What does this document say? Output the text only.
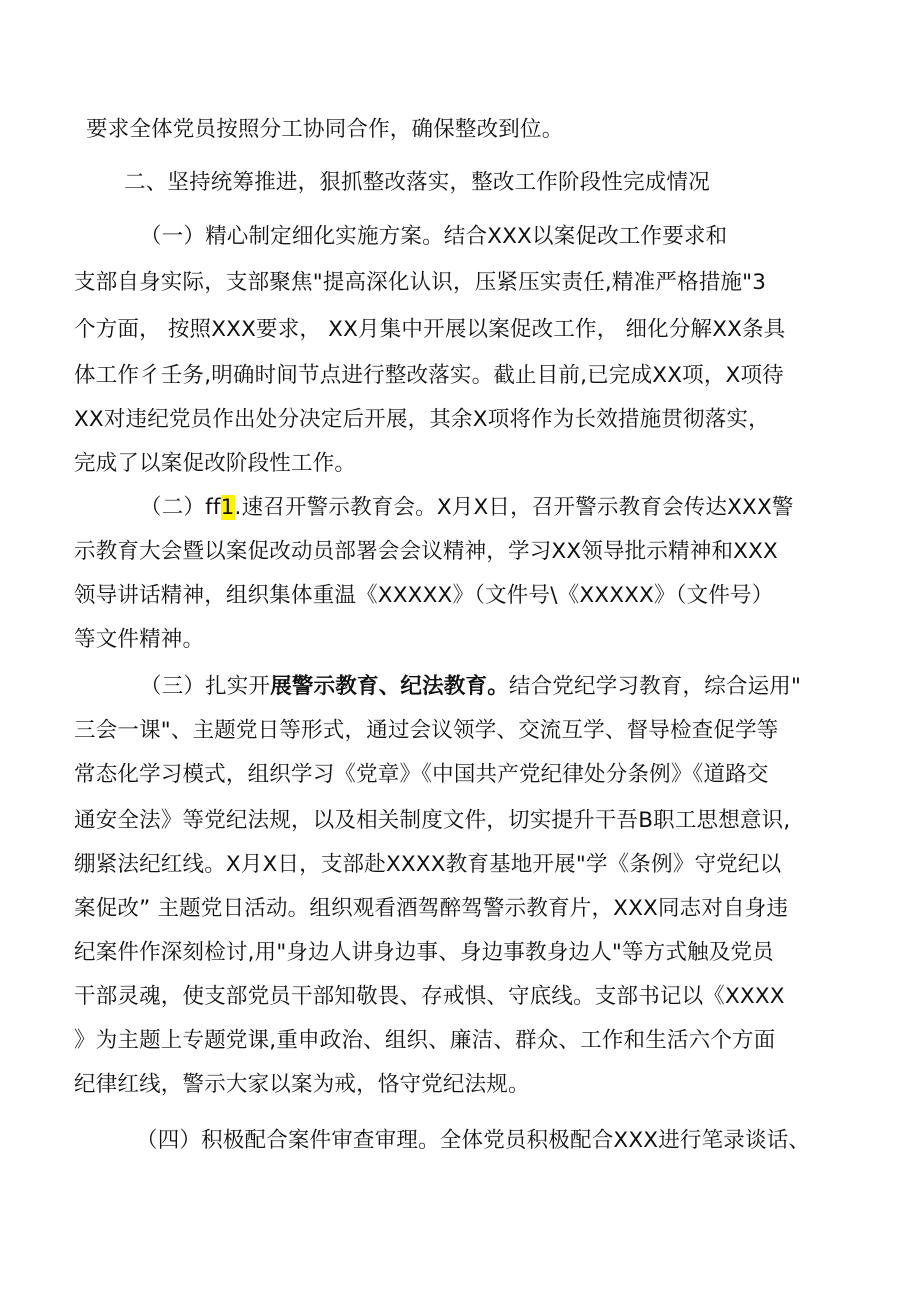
要求全体党员按照分工协同合作，确保整改到位。
二、坚持统筹推进，狠抓整改落实，整改工作阶段性完成情况
（一）精心制定细化实施方案。结合XXX以案促改工作要求和
支部自身实际，支部聚焦"提高深化认识，压紧压实责任,精准严格措施"3
个方面， 按照XXX要求， XX月集中开展以案促改工作， 细化分解XX条具
体工作彳壬务,明确时间节点进行整改落实。截止目前,已完成XX项，X项待
XX对违纪党员作出处分决定后开展，其余X项将作为长效措施贯彻落实，
完成了以案促改阶段性工作。
（二）ff1.速召开警示教育会。X月X日，召开警示教育会传达XXX警
示教育大会暨以案促改动员部署会会议精神，学习XX领导批示精神和XXX
领导讲话精神，组织集体重温《XXXXX》（文件号\《XXXXX》（文件号）
等文件精神。
（三）扎实开展警示教育、纪法教育。结合党纪学习教育，综合运用"
三会一课"、主题党日等形式，通过会议领学、交流互学、督导检查促学等
常态化学习模式，组织学习《党章》《中国共产党纪律处分条例》《道路交
通安全法》等党纪法规，以及相关制度文件，切实提升干吾B职工思想意识,
绷紧法纪红线。X月X日，支部赴XXXX教育基地开展"学《条例》守党纪以
案促改” 主题党日活动。组织观看酒驾醉驾警示教育片，XXX同志对自身违
纪案件作深刻检讨,用"身边人讲身边事、身边事教身边人"等方式触及党员
干部灵魂，使支部党员干部知敬畏、存戒惧、守底线。支部书记以《XXXX
》为主题上专题党课,重申政治、组织、廉洁、群众、工作和生活六个方面
纪律红线，警示大家以案为戒，恪守党纪法规。
（四）积极配合案件审查审理。全体党员积极配合XXX进行笔录谈话、
